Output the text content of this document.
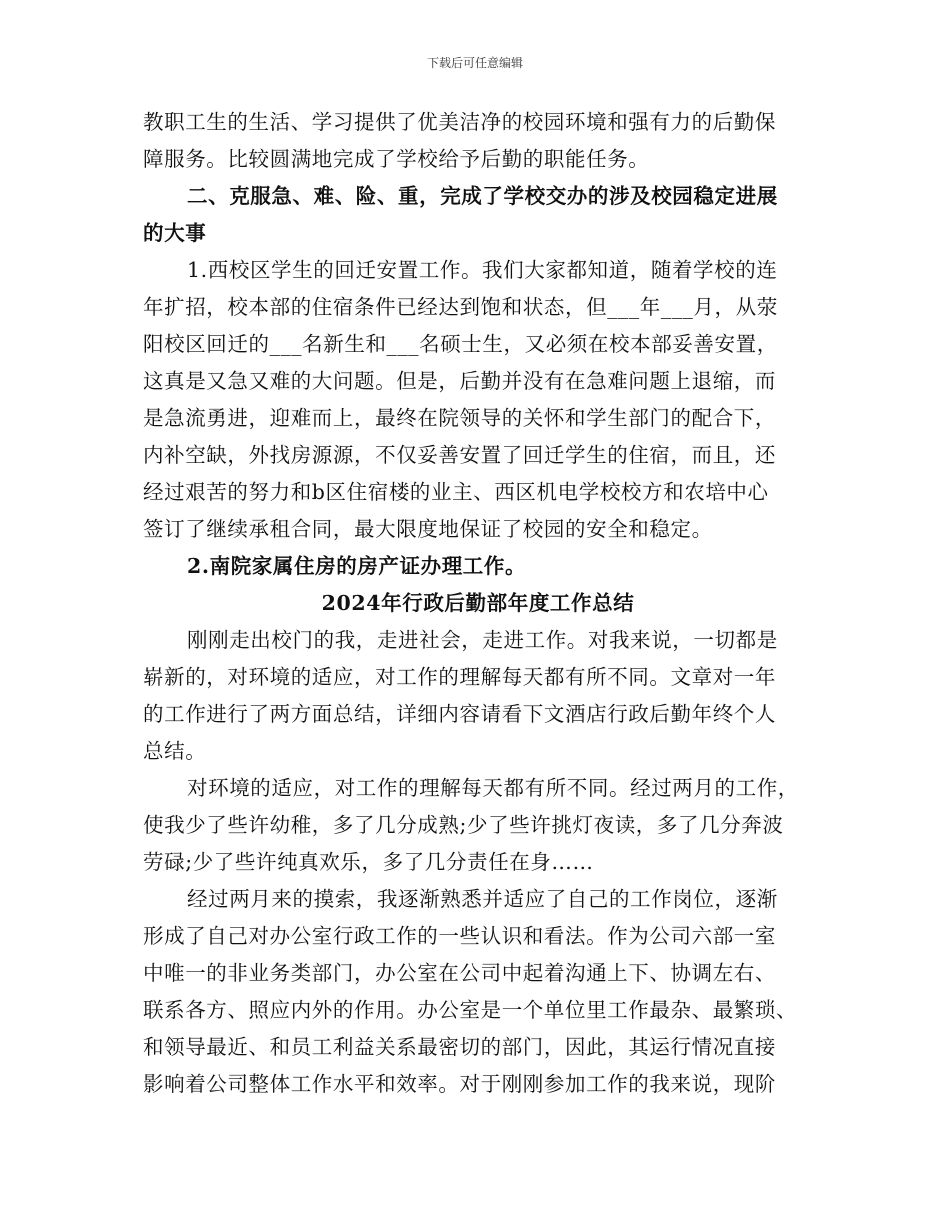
下载后可任意编辑
教职工生的生活、学习提供了优美洁净的校园环境和强有力的后勤保
障服务。比较圆满地完成了学校给予后勤的职能任务。
二、克服急、难、险、重，完成了学校交办的涉及校园稳定进展
的大事
1.西校区学生的回迁安置工作。我们大家都知道，随着学校的连
年扩招，校本部的住宿条件已经达到饱和状态，但___年___月，从荥
阳校区回迁的___名新生和___名硕士生，又必须在校本部妥善安置，
这真是又急又难的大问题。但是，后勤并没有在急难问题上退缩，而
是急流勇进，迎难而上，最终在院领导的关怀和学生部门的配合下，
内补空缺，外找房源源，不仅妥善安置了回迁学生的住宿，而且，还
经过艰苦的努力和b区住宿楼的业主、西区机电学校校方和农培中心
签订了继续承租合同，最大限度地保证了校园的安全和稳定。
2.南院家属住房的房产证办理工作。
2024年行政后勤部年度工作总结
刚刚走出校门的我，走进社会，走进工作。对我来说，一切都是
崭新的，对环境的适应，对工作的理解每天都有所不同。文章对一年
的工作进行了两方面总结，详细内容请看下文酒店行政后勤年终个人
总结。
对环境的适应，对工作的理解每天都有所不同。经过两月的工作，
使我少了些许幼稚，多了几分成熟;少了些许挑灯夜读，多了几分奔波
劳碌;少了些许纯真欢乐，多了几分责任在身……
经过两月来的摸索，我逐渐熟悉并适应了自己的工作岗位，逐渐
形成了自己对办公室行政工作的一些认识和看法。作为公司六部一室
中唯一的非业务类部门，办公室在公司中起着沟通上下、协调左右、
联系各方、照应内外的作用。办公室是一个单位里工作最杂、最繁琐、
和领导最近、和员工利益关系最密切的部门，因此，其运行情况直接
影响着公司整体工作水平和效率。对于刚刚参加工作的我来说，现阶
